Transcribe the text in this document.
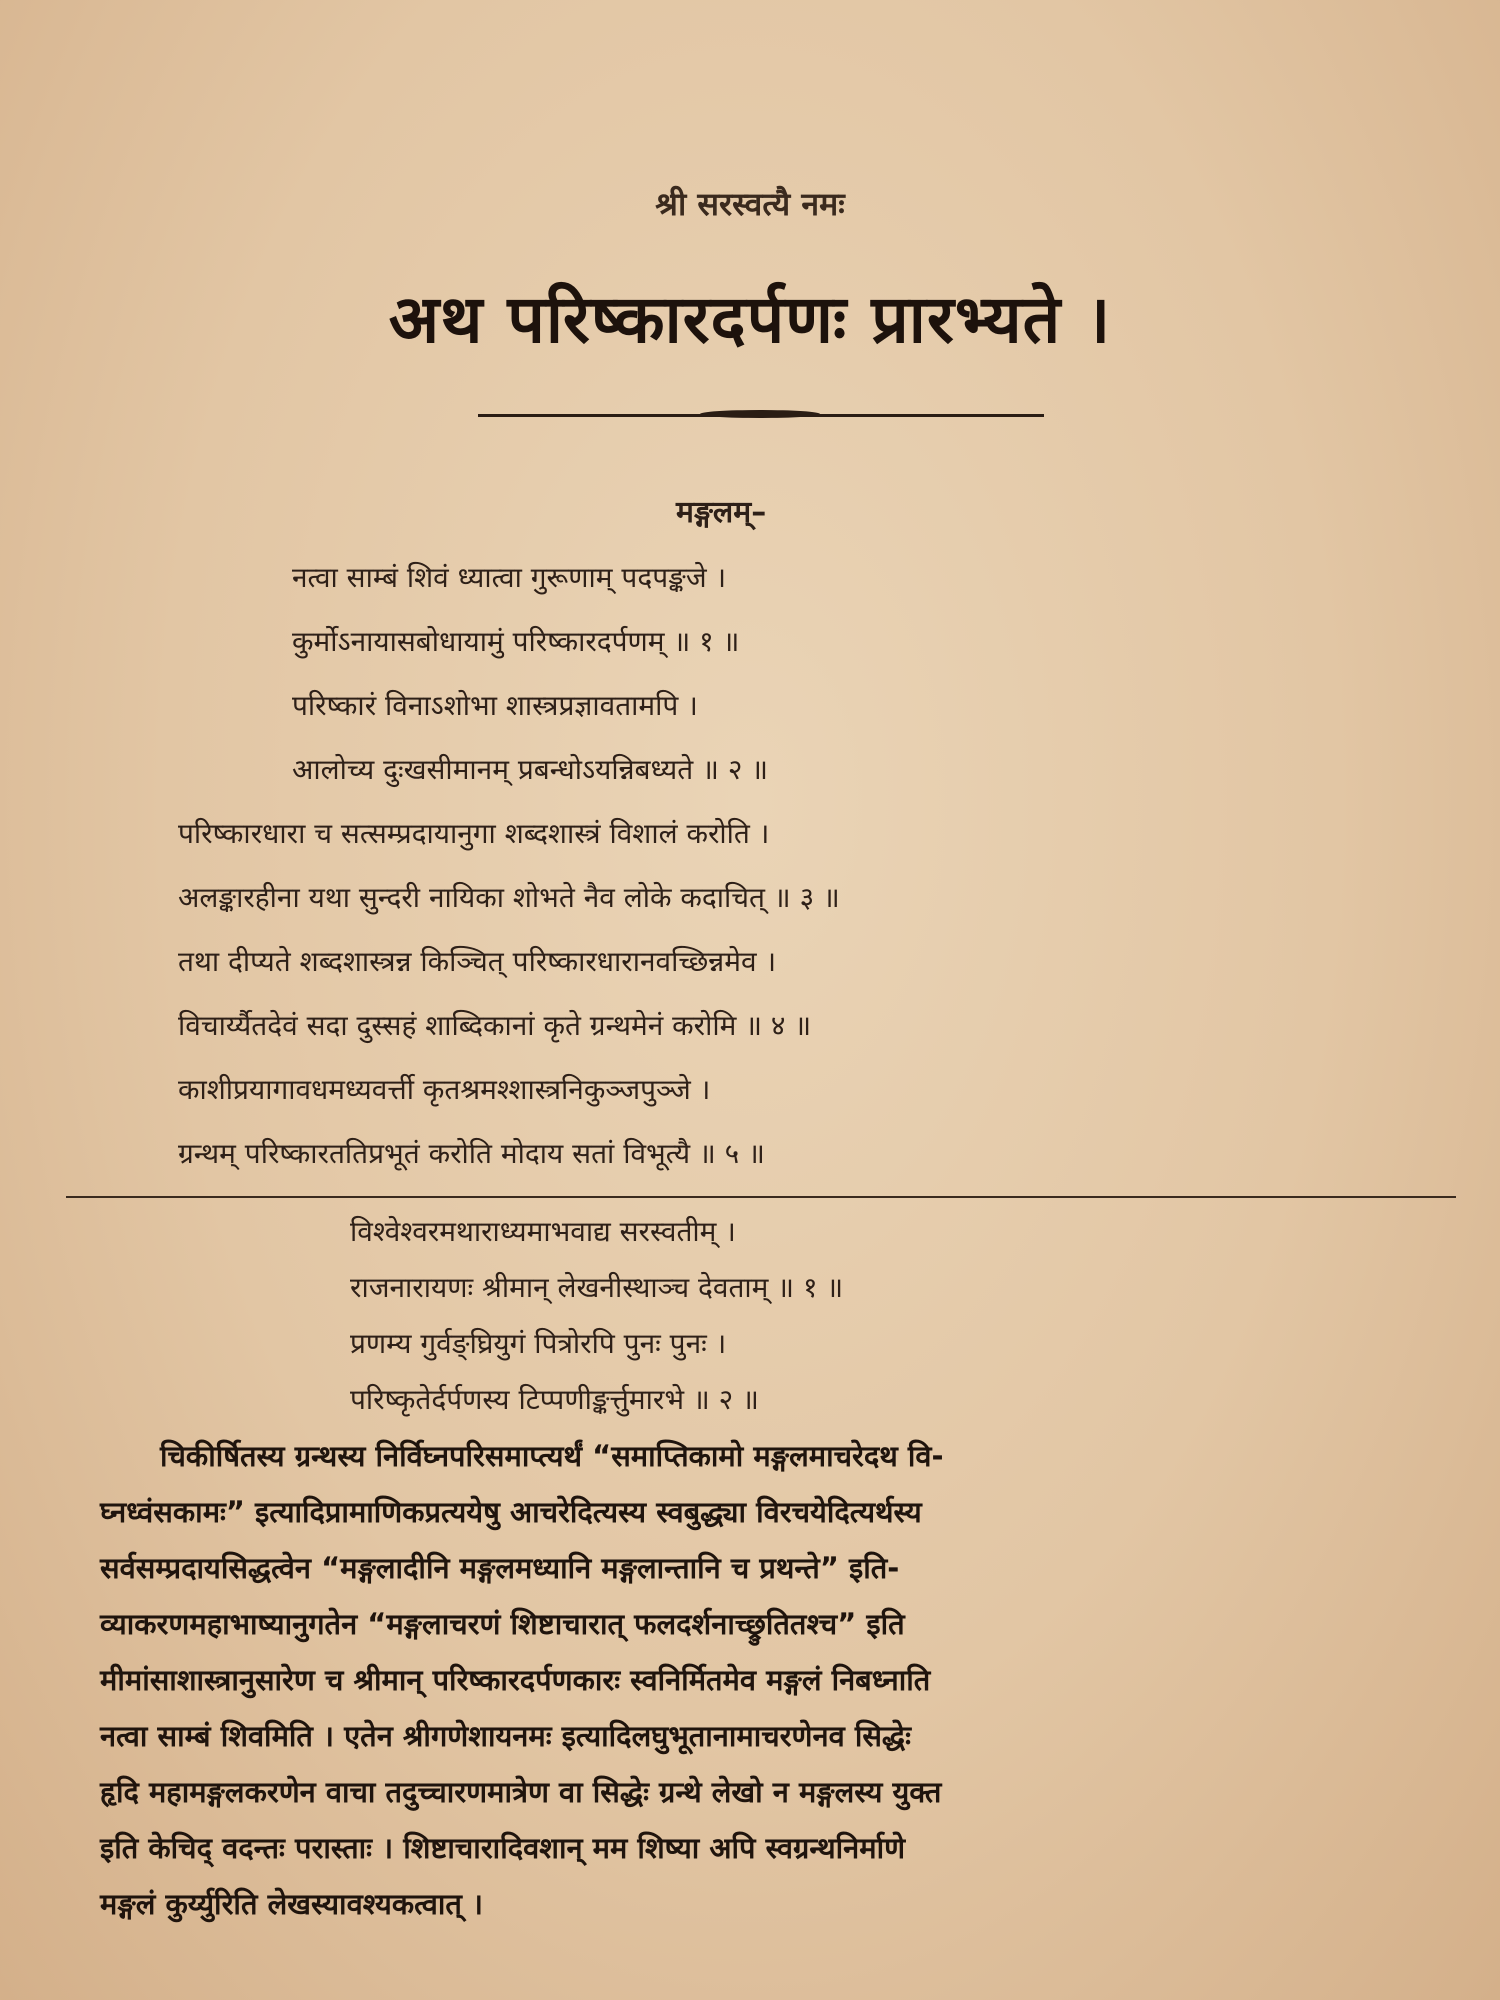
श्री सरस्वत्यै नमः
अथ परिष्कारदर्पणः प्रारभ्यते ।
मङ्गलम्–
नत्वा साम्बं शिवं ध्यात्वा गुरूणाम् पदपङ्कजे ।
कुर्मोऽनायासबोधायामुं परिष्कारदर्पणम् ॥ १ ॥
परिष्कारं विनाऽशोभा शास्त्रप्रज्ञावतामपि ।
आलोच्य दुःखसीमानम् प्रबन्धोऽयन्निबध्यते ॥ २ ॥
परिष्कारधारा च सत्सम्प्रदायानुगा शब्दशास्त्रं विशालं करोति ।
अलङ्कारहीना यथा सुन्दरी नायिका शोभते नैव लोके कदाचित् ॥ ३ ॥
तथा दीप्यते शब्दशास्त्रन्न किञ्चित् परिष्कारधारानवच्छिन्नमेव ।
विचार्य्यैतदेवं सदा दुस्सहं शाब्दिकानां कृते ग्रन्थमेनं करोमि ॥ ४ ॥
काशीप्रयागावधमध्यवर्त्ती कृतश्रमश्शास्त्रनिकुञ्जपुञ्जे ।
ग्रन्थम् परिष्कारततिप्रभूतं करोति मोदाय सतां विभूत्यै ॥ ५ ॥
विश्वेश्वरमथाराध्यमाभवाद्य सरस्वतीम् ।
राजनारायणः श्रीमान् लेखनीस्थाञ्च देवताम् ॥ १ ॥
प्रणम्य गुर्वङ्घ्रियुगं पित्रोरपि पुनः पुनः ।
परिष्कृतेर्दर्पणस्य टिप्पणीङ्कर्त्तुमारभे ॥ २ ॥
चिकीर्षितस्य ग्रन्थस्य निर्विघ्नपरिसमाप्त्यर्थं “समाप्तिकामो मङ्गलमाचरेदथ वि-
घ्नध्वंसकामः” इत्यादिप्रामाणिकप्रत्ययेषु आचरेदित्यस्य स्वबुद्ध्या विरचयेदित्यर्थस्य
सर्वसम्प्रदायसिद्धत्वेन “मङ्गलादीनि मङ्गलमध्यानि मङ्गलान्तानि च प्रथन्ते” इति-
व्याकरणमहाभाष्यानुगतेन “मङ्गलाचरणं शिष्टाचारात् फलदर्शनाच्छ्रुतितश्च” इति
मीमांसाशास्त्रानुसारेण च श्रीमान् परिष्कारदर्पणकारः स्वनिर्मितमेव मङ्गलं निबध्नाति
नत्वा साम्बं शिवमिति । एतेन श्रीगणेशायनमः इत्यादिलघुभूतानामाचरणेनव सिद्धेः
हृदि महामङ्गलकरणेन वाचा तदुच्चारणमात्रेण वा सिद्धेः ग्रन्थे लेखो न मङ्गलस्य युक्त
इति केचिद् वदन्तः परास्ताः । शिष्टाचारादिवशान् मम शिष्या अपि स्वग्रन्थनिर्माणे
मङ्गलं कुर्य्युरिति लेखस्यावश्यकत्वात् ।
